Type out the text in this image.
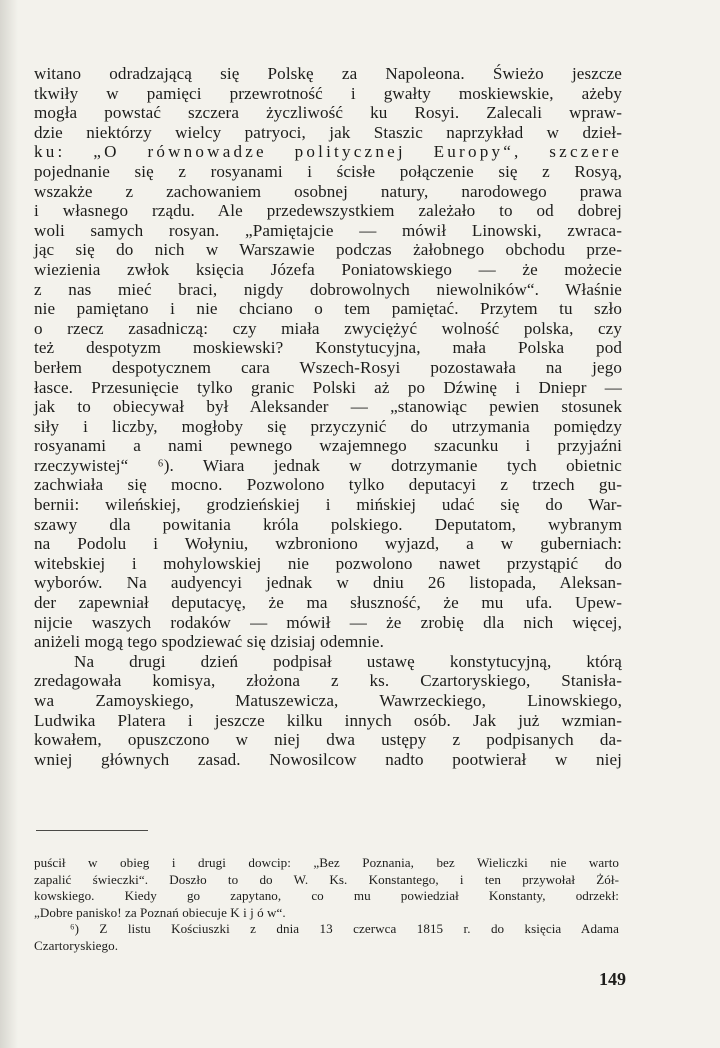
witano odradzającą się Polskę za Napoleona. Świeżo jeszcze
tkwiły w pamięci przewrotność i gwałty moskiewskie, ażeby
mogła powstać szczera życzliwość ku Rosyi. Zalecali wpraw-
dzie niektórzy wielcy patryoci, jak Staszic naprzykład w dzieł-
ku: „O równowadze politycznej Europy“, szczere
pojednanie się z rosyanami i ścisłe połączenie się z Rosyą,
wszakże z zachowaniem osobnej natury, narodowego prawa
i własnego rządu. Ale przedewszystkiem zależało to od dobrej
woli samych rosyan. „Pamiętajcie — mówił Linowski, zwraca-
jąc się do nich w Warszawie podczas żałobnego obchodu prze-
wiezienia zwłok księcia Józefa Poniatowskiego — że możecie
z nas mieć braci, nigdy dobrowolnych niewolników“. Właśnie
nie pamiętano i nie chciano o tem pamiętać. Przytem tu szło
o rzecz zasadniczą: czy miała zwyciężyć wolność polska, czy
też despotyzm moskiewski? Konstytucyjna, mała Polska pod
berłem despotycznem cara Wszech-Rosyi pozostawała na jego
łasce. Przesunięcie tylko granic Polski aż po Dźwinę i Dniepr —
jak to obiecywał był Aleksander — „stanowiąc pewien stosunek
siły i liczby, mogłoby się przyczynić do utrzymania pomiędzy
rosyanami a nami pewnego wzajemnego szacunku i przyjaźni
rzeczywistej“ ⁶). Wiara jednak w dotrzymanie tych obietnic
zachwiała się mocno. Pozwolono tylko deputacyi z trzech gu-
bernii: wileńskiej, grodzieńskiej i mińskiej udać się do War-
szawy dla powitania króla polskiego. Deputatom, wybranym
na Podolu i Wołyniu, wzbroniono wyjazd, a w guberniach:
witebskiej i mohylowskiej nie pozwolono nawet przystąpić do
wyborów. Na audyencyi jednak w dniu 26 listopada, Aleksan-
der zapewniał deputacyę, że ma słuszność, że mu ufa. Upew-
nijcie waszych rodaków — mówił — że zrobię dla nich więcej,
aniżeli mogą tego spodziewać się dzisiaj odemnie.
Na drugi dzień podpisał ustawę konstytucyjną, którą
zredagowała komisya, złożona z ks. Czartoryskiego, Stanisła-
wa Zamoyskiego, Matuszewicza, Wawrzeckiego, Linowskiego,
Ludwika Platera i jeszcze kilku innych osób. Jak już wzmian-
kowałem, opuszczono w niej dwa ustępy z podpisanych da-
wniej głównych zasad. Nowosilcow nadto pootwierał w niej
puścił w obieg i drugi dowcip: „Bez Poznania, bez Wieliczki nie warto
zapalić świeczki“. Doszło to do W. Ks. Konstantego, i ten przywołał Żół-
kowskiego. Kiedy go zapytano, co mu powiedział Konstanty, odrzekł:
„Dobre panisko! za Poznań obiecuje K i j ó w“.
⁶) Z listu Kościuszki z dnia 13 czerwca 1815 r. do księcia Adama
Czartoryskiego.
149
